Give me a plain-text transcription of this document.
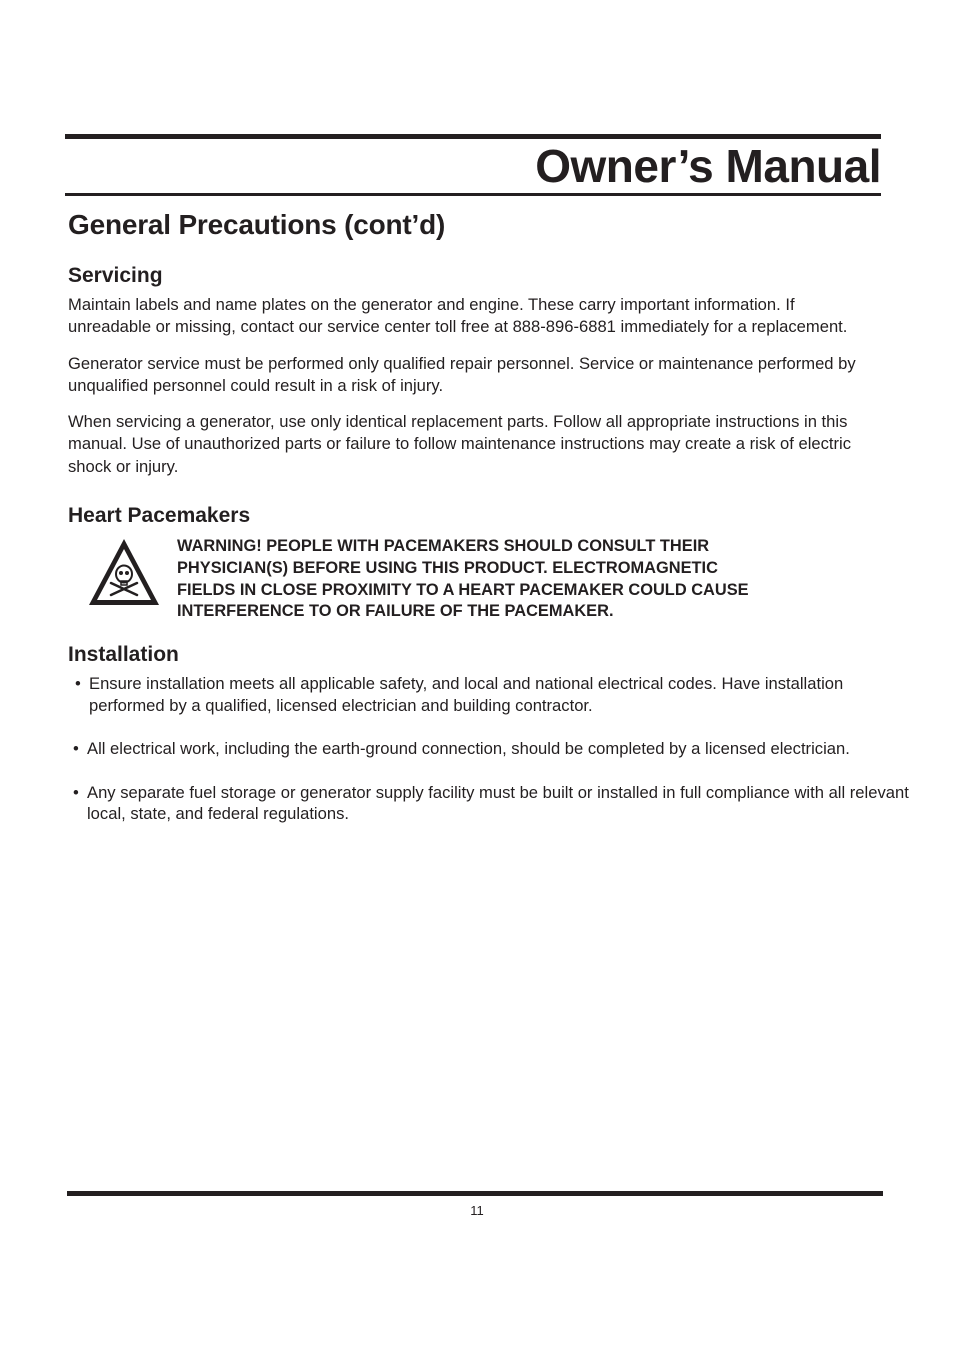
Owner’s Manual
General Precautions (cont’d)
Servicing

Maintain labels and name plates on the generator and engine. These carry important information. If unreadable or missing, contact our service center toll free at 888-896-6881 immediately for a replacement.

Generator service must be performed only qualified repair personnel. Service or maintenance performed by unqualified personnel could result in a risk of injury.

When servicing a generator, use only identical replacement parts. Follow all appropriate instructions in this manual. Use of unauthorized parts or failure to follow maintenance instructions may create a risk of electric shock or injury.

Heart Pacemakers
WARNING! PEOPLE WITH PACEMAKERS SHOULD CONSULT THEIR
PHYSICIAN(S) BEFORE USING THIS PRODUCT. ELECTROMAGNETIC
FIELDS IN CLOSE PROXIMITY TO A HEART PACEMAKER COULD CAUSE
INTERFERENCE TO OR FAILURE OF THE PACEMAKER.
Installation
• Ensure installation meets all applicable safety, and local and national electrical codes. Have installation performed by a qualified, licensed electrician and building contractor.
• All electrical work, including the earth-ground connection, should be completed by a licensed electrician.
• Any separate fuel storage or generator supply facility must be built or installed in full compliance with all relevant local, state, and federal regulations.
11
